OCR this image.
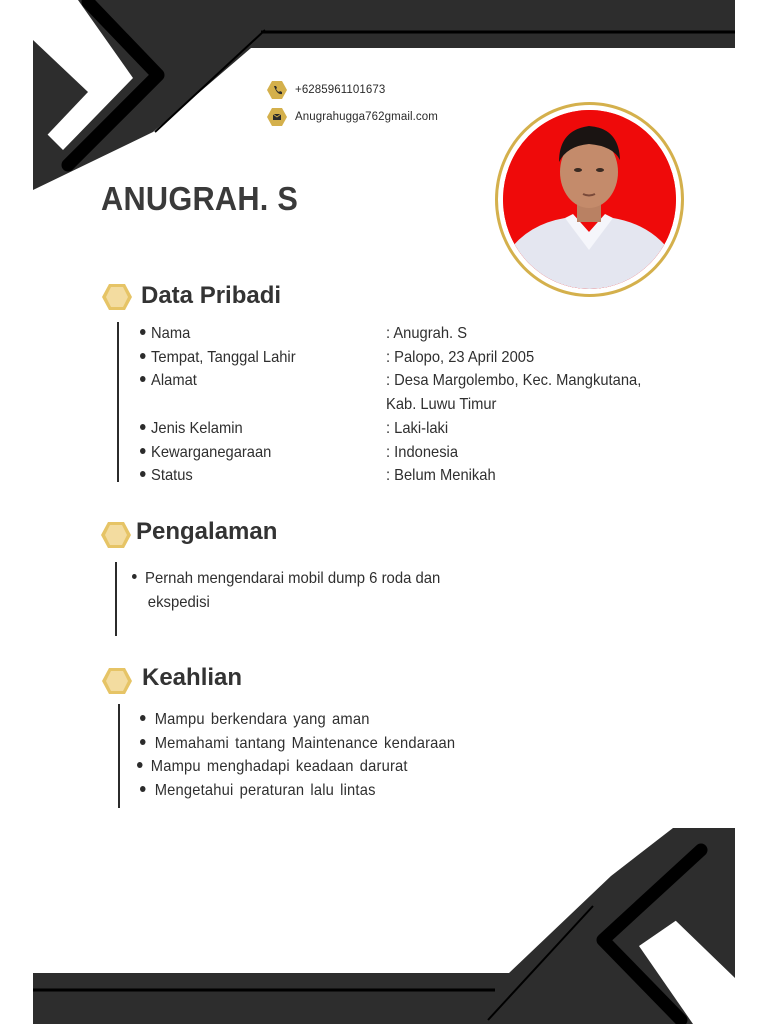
+6285961101673
Anugrahugga762gmail.com
ANUGRAH. S
Data Pribadi
Nama	: Anugrah. S
Tempat, Tanggal Lahir	: Palopo, 23 April 2005
Alamat	: Desa Margolembo, Kec. Mangkutana,
Kab. Luwu Timur
Jenis Kelamin	: Laki-laki
Kewarganegaraan	: Indonesia
Status	: Belum Menikah
Pengalaman
Pernah mengendarai mobil dump 6 roda dan
ekspedisi
Keahlian
Mampu berkendara yang aman
Memahami tantang Maintenance kendaraan
Mampu menghadapi keadaan darurat
Mengetahui peraturan lalu lintas
